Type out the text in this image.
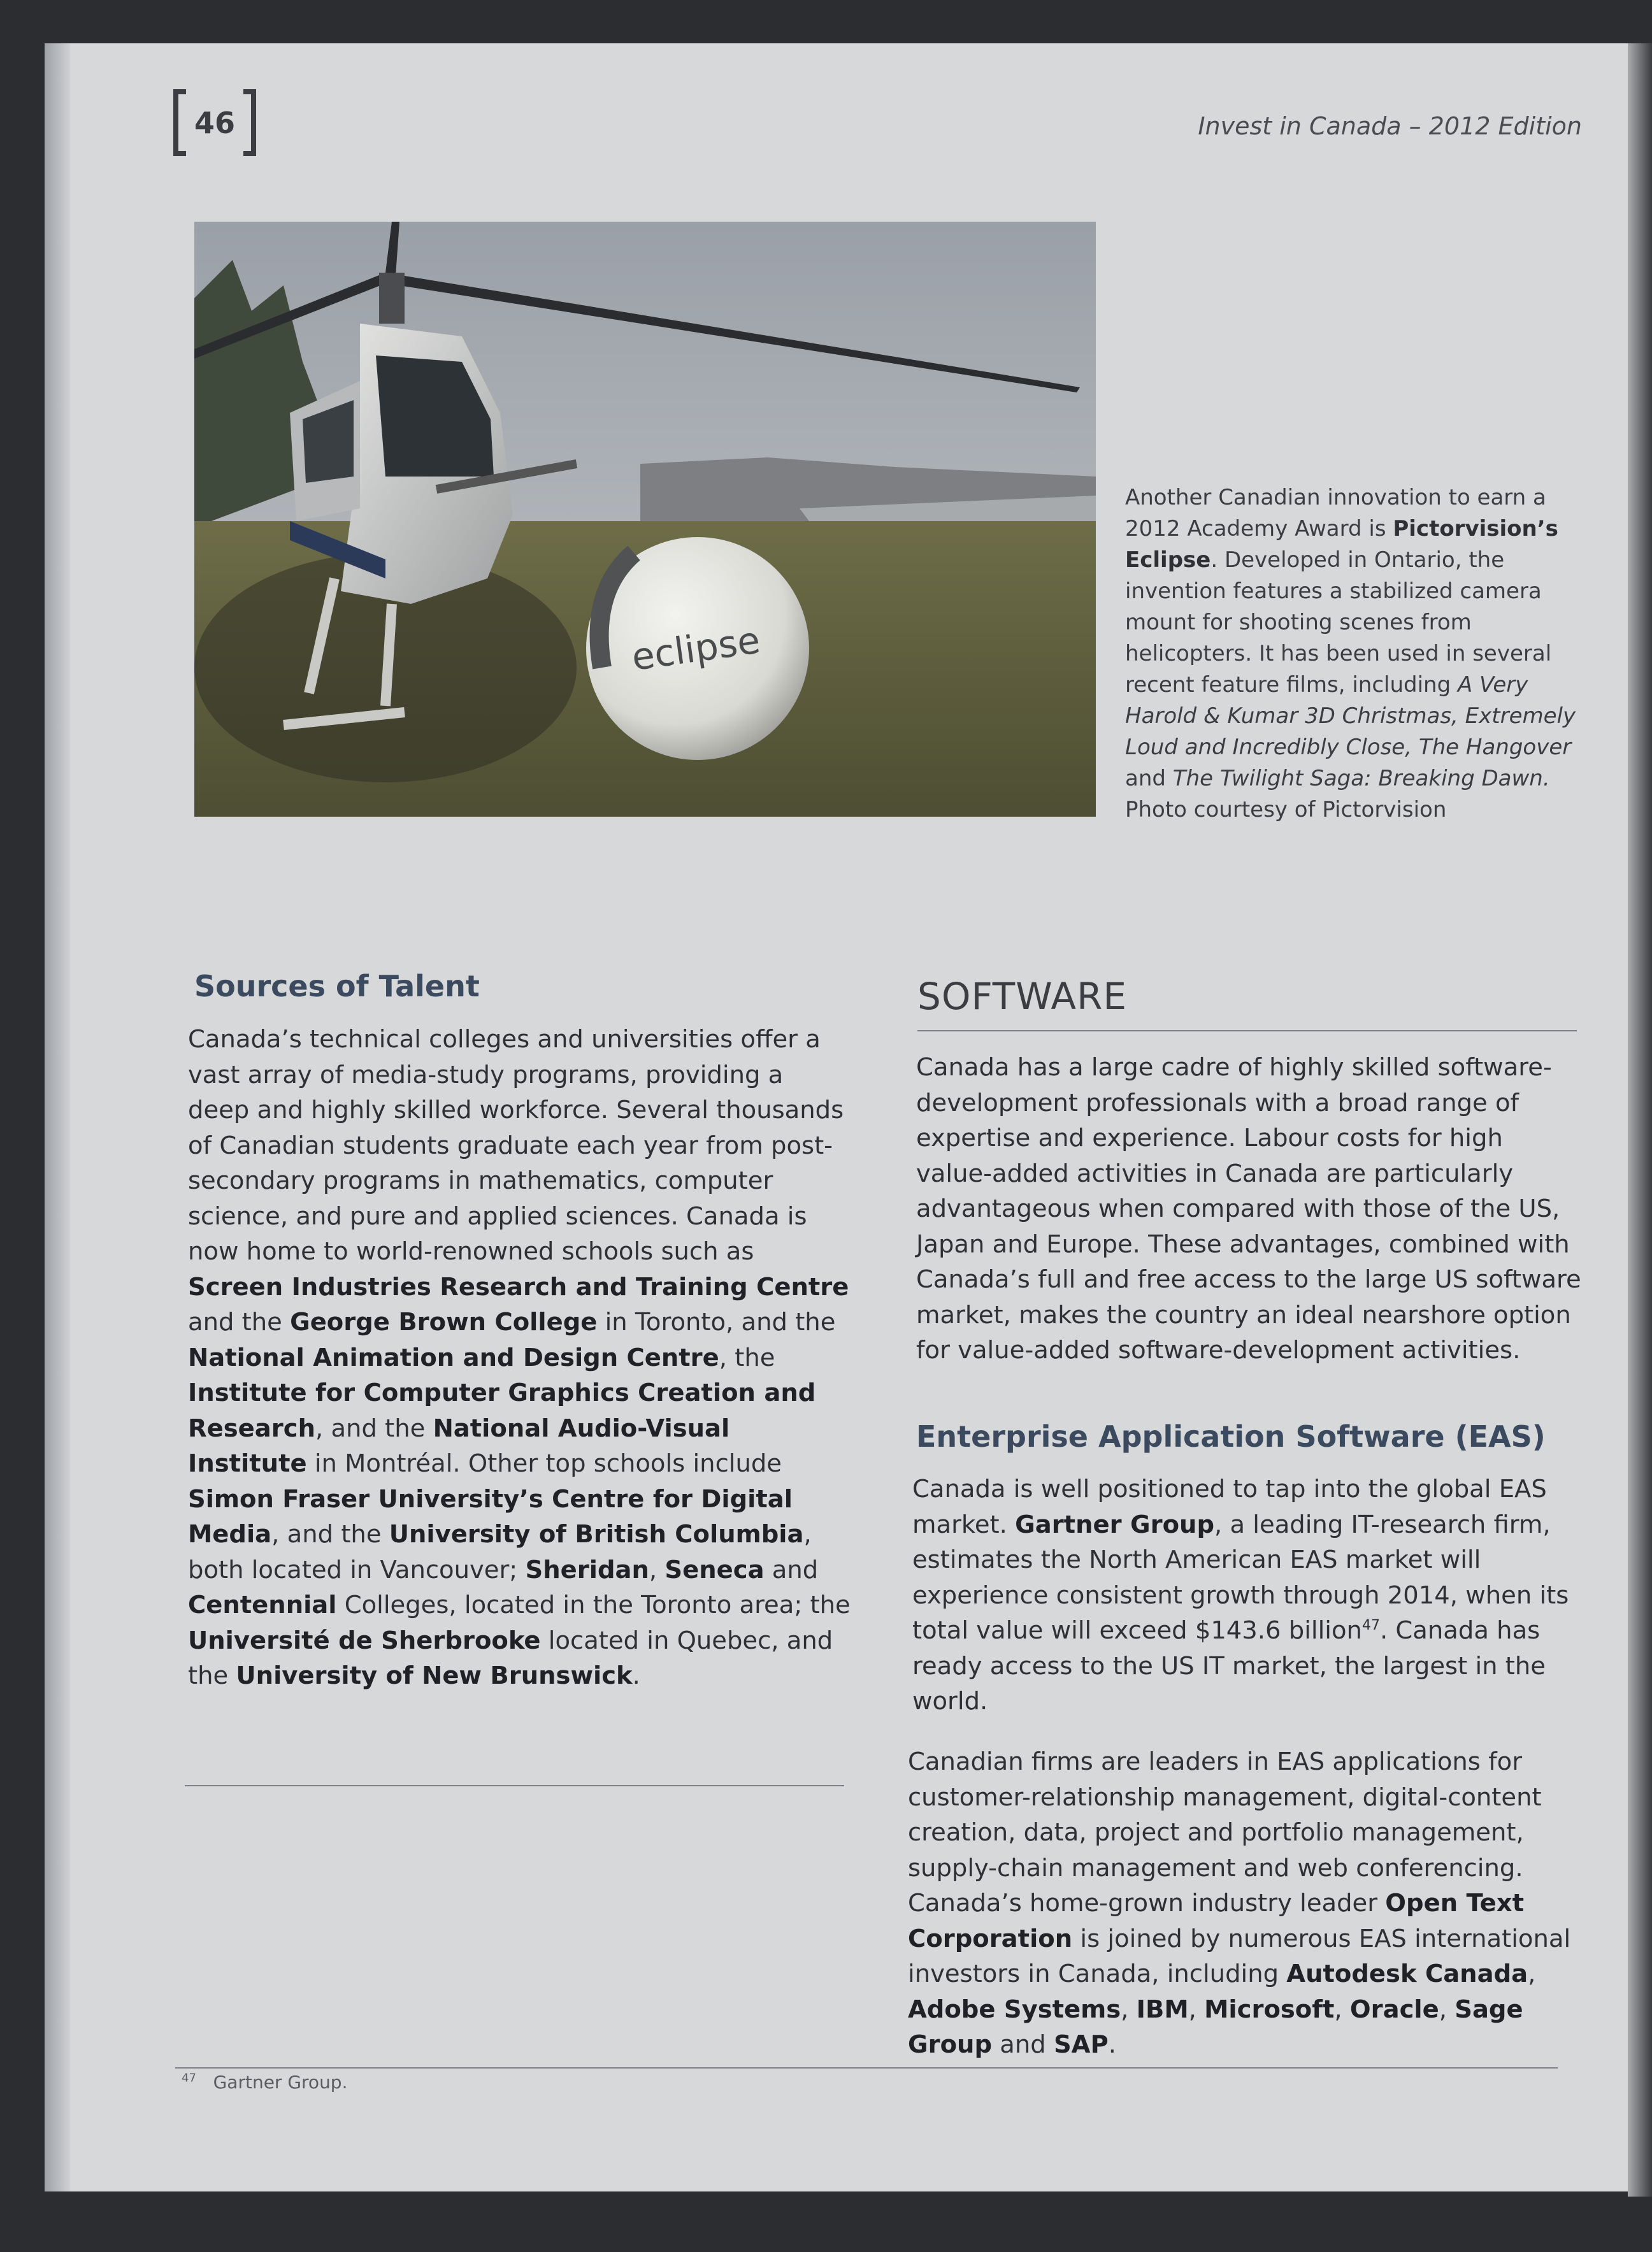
46	Invest in Canada – 2012 Edition
eclipse
Another Canadian innovation to earn a 2012 Academy Award is Pictorvision’s Eclipse. Developed in Ontario, the invention features a stabilized camera mount for shooting scenes from helicopters. It has been used in several recent feature films, including A Very Harold & Kumar 3D Christmas, Extremely Loud and Incredibly Close, The Hangover and The Twilight Saga: Breaking Dawn.
Photo courtesy of Pictorvision
Sources of Talent
Canada’s technical colleges and universities offer a vast array of media-study programs, providing a deep and highly skilled workforce. Several thousands of Canadian students graduate each year from post-secondary programs in mathematics, computer science, and pure and applied sciences. Canada is now home to world-renowned schools such as Screen Industries Research and Training Centre and the George Brown College in Toronto, and the National Animation and Design Centre, the Institute for Computer Graphics Creation and Research, and the National Audio-Visual Institute in Montréal. Other top schools include Simon Fraser University’s Centre for Digital Media, and the University of British Columbia, both located in Vancouver; Sheridan, Seneca and Centennial Colleges, located in the Toronto area; the Université de Sherbrooke located in Quebec, and the University of New Brunswick.
SOFTWARE
Canada has a large cadre of highly skilled software-development professionals with a broad range of expertise and experience. Labour costs for high value-added activities in Canada are particularly advantageous when compared with those of the US, Japan and Europe. These advantages, combined with Canada’s full and free access to the large US software market, makes the country an ideal nearshore option for value-added software-development activities.
Enterprise Application Software (EAS)
Canada is well positioned to tap into the global EAS market. Gartner Group, a leading IT-research firm, estimates the North American EAS market will experience consistent growth through 2014, when its total value will exceed $143.6 billion$^{47}$. Canada has ready access to the US IT market, the largest in the world.
Canadian firms are leaders in EAS applications for customer-relationship management, digital-content creation, data, project and portfolio management, supply-chain management and web conferencing. Canada’s home-grown industry leader Open Text Corporation is joined by numerous EAS international investors in Canada, including Autodesk Canada, Adobe Systems, IBM, Microsoft, Oracle, Sage Group and SAP.
$^{47}$ Gartner Group.
